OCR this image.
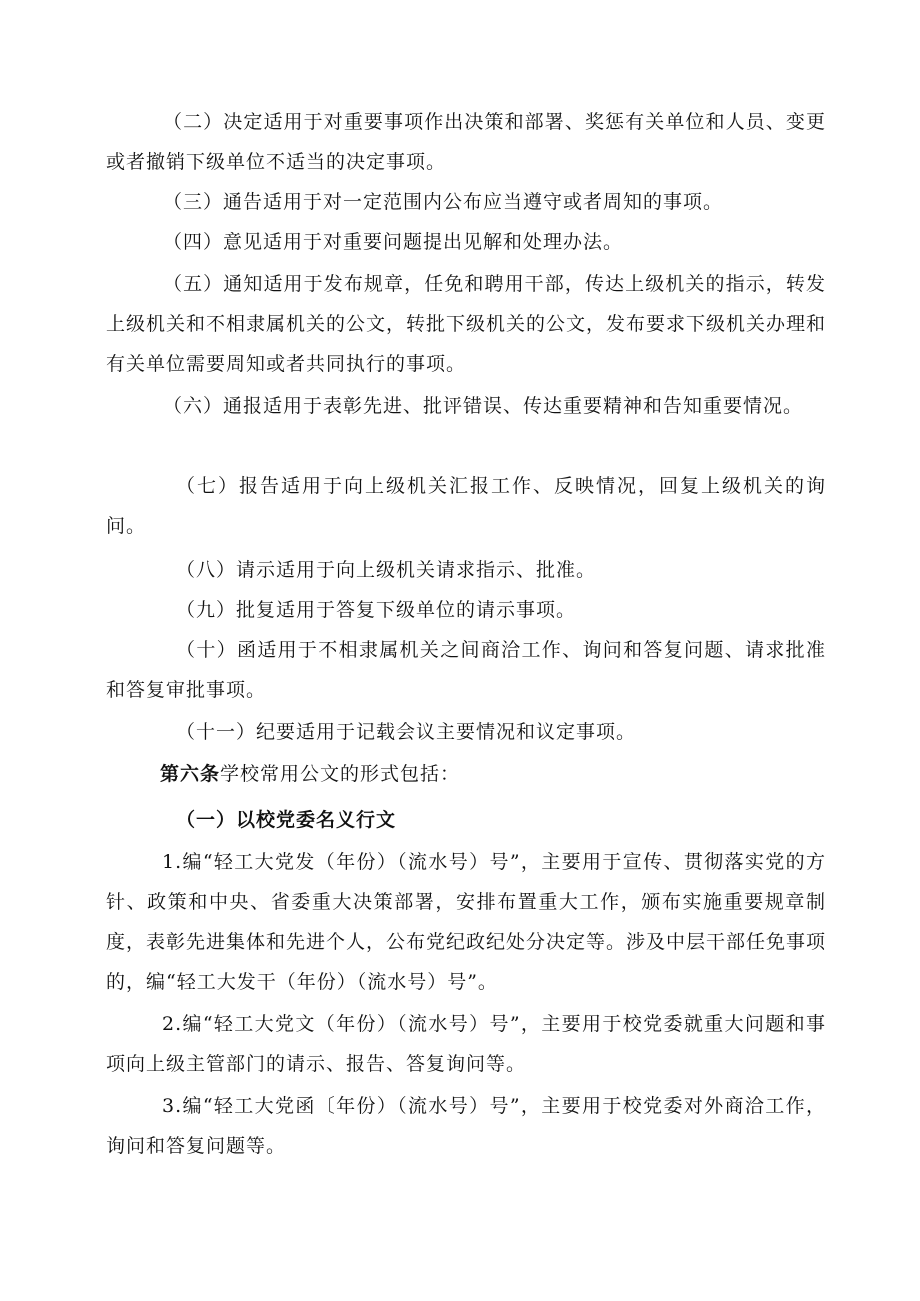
（二）决定适用于对重要事项作出决策和部署、奖惩有关单位和人员、变更或者撤销下级单位不适当的决定事项。
（三）通告适用于对一定范围内公布应当遵守或者周知的事项。
（四）意见适用于对重要问题提出见解和处理办法。
（五）通知适用于发布规章，任免和聘用干部，传达上级机关的指示，转发上级机关和不相隶属机关的公文，转批下级机关的公文，发布要求下级机关办理和有关单位需要周知或者共同执行的事项。
（六）通报适用于表彰先进、批评错误、传达重要精神和告知重要情况。
（七）报告适用于向上级机关汇报工作、反映情况，回复上级机关的询问。
（八）请示适用于向上级机关请求指示、批准。
（九）批复适用于答复下级单位的请示事项。
（十）函适用于不相隶属机关之间商洽工作、询问和答复问题、请求批准和答复审批事项。
（十一）纪要适用于记载会议主要情况和议定事项。
第六条学校常用公文的形式包括：
（一）以校党委名义行文
1.编“轻工大党发（年份）（流水号）号”，主要用于宣传、贯彻落实党的方针、政策和中央、省委重大决策部署，安排布置重大工作，颁布实施重要规章制度，表彰先进集体和先进个人，公布党纪政纪处分决定等。涉及中层干部任免事项的，编“轻工大发干（年份）（流水号）号”。
2.编“轻工大党文（年份）（流水号）号”，主要用于校党委就重大问题和事项向上级主管部门的请示、报告、答复询问等。
3.编“轻工大党函〔年份）（流水号）号”，主要用于校党委对外商洽工作，询问和答复问题等。
